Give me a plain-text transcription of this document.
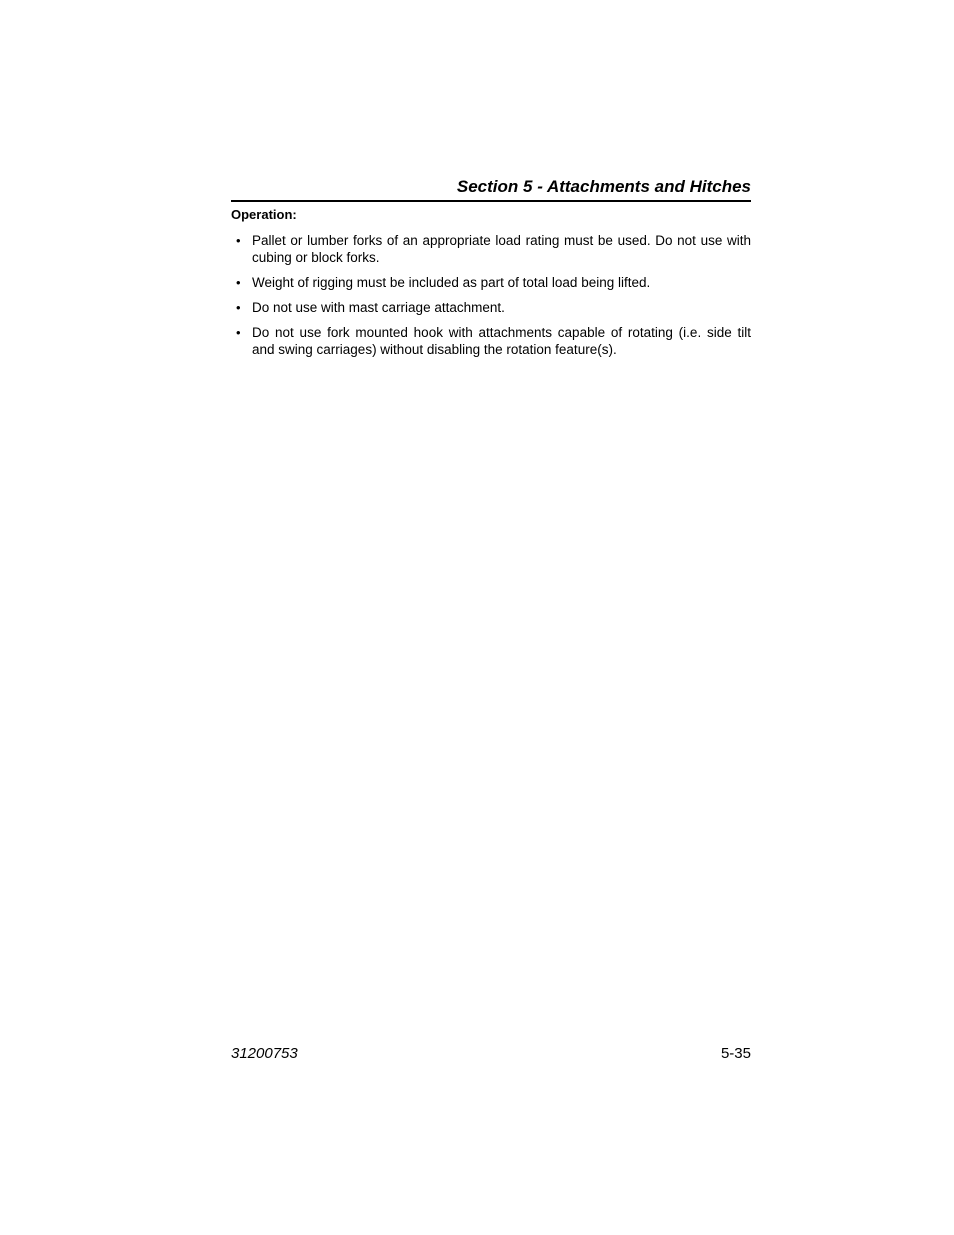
Section 5 - Attachments and Hitches
Operation:
• Pallet or lumber forks of an appropriate load rating must be used. Do not use with cubing or block forks.
• Weight of rigging must be included as part of total load being lifted.
• Do not use with mast carriage attachment.
• Do not use fork mounted hook with attachments capable of rotating (i.e. side tilt and swing carriages) without disabling the rotation feature(s).
31200753	5-35
